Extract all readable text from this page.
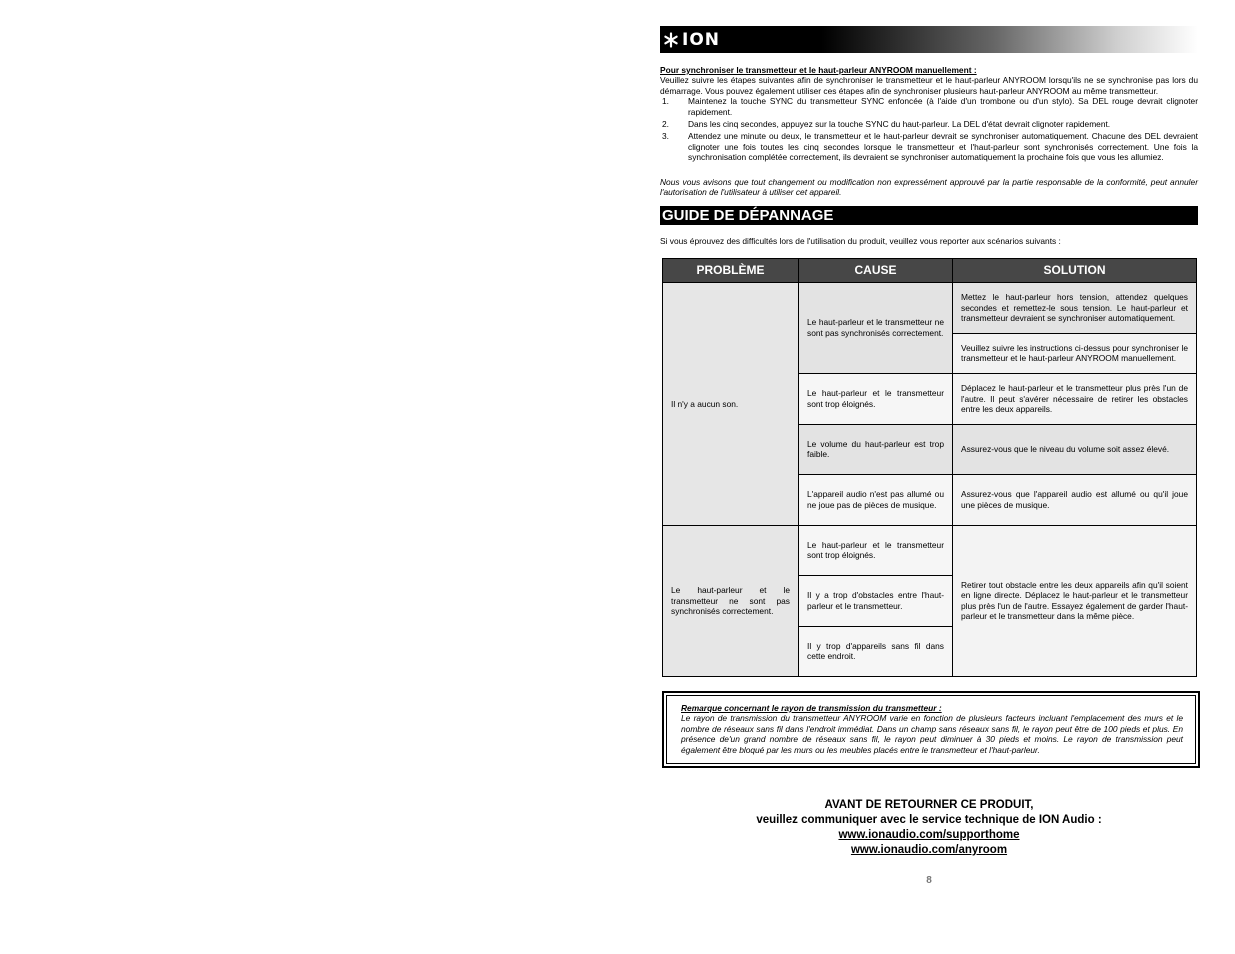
ION
Pour synchroniser le transmetteur et le haut-parleur ANYROOM manuellement :
Veuillez suivre les étapes suivantes afin de synchroniser le transmetteur et le haut-parleur ANYROOM lorsqu'ils ne se synchronise pas lors du démarrage. Vous pouvez également utiliser ces étapes afin de synchroniser plusieurs haut-parleur ANYROOM au même transmetteur.
1. Maintenez la touche SYNC du transmetteur SYNC enfoncée (à l'aide d'un trombone ou d'un stylo). Sa DEL rouge devrait clignoter rapidement.
2. Dans les cinq secondes, appuyez sur la touche SYNC du haut-parleur. La DEL d'état devrait clignoter rapidement.
3. Attendez une minute ou deux, le transmetteur et le haut-parleur devrait se synchroniser automatiquement. Chacune des DEL devraient clignoter une fois toutes les cinq secondes lorsque le transmetteur et l'haut-parleur sont synchronisés correctement. Une fois la synchronisation complétée correctement, ils devraient se synchroniser automatiquement la prochaine fois que vous les allumiez.
Nous vous avisons que tout changement ou modification non expressément approuvé par la partie responsable de la conformité, peut annuler l'autorisation de l'utilisateur à utiliser cet appareil.
GUIDE DE DÉPANNAGE
Si vous éprouvez des difficultés lors de l'utilisation du produit, veuillez vous reporter aux scénarios suivants :
PROBLÈME	CAUSE	SOLUTION
Il n'y a aucun son.	Le haut-parleur et le transmetteur ne sont pas synchronisés correctement.	Mettez le haut-parleur hors tension, attendez quelques secondes et remettez-le sous tension. Le haut-parleur et transmetteur devraient se synchroniser automatiquement.
		Veuillez suivre les instructions ci-dessus pour synchroniser le transmetteur et le haut-parleur ANYROOM manuellement.
	Le haut-parleur et le transmetteur sont trop éloignés.	Déplacez le haut-parleur et le transmetteur plus près l'un de l'autre. Il peut s'avérer nécessaire de retirer les obstacles entre les deux appareils.
	Le volume du haut-parleur est trop faible.	Assurez-vous que le niveau du volume soit assez élevé.
	L'appareil audio n'est pas allumé ou ne joue pas de pièces de musique.	Assurez-vous que l'appareil audio est allumé ou qu'il joue une pièces de musique.
Le haut-parleur et le transmetteur ne sont pas synchronisés correctement.	Le haut-parleur et le transmetteur sont trop éloignés.	Retirer tout obstacle entre les deux appareils afin qu'il soient en ligne directe. Déplacez le haut-parleur et le transmetteur plus près l'un de l'autre. Essayez également de garder l'haut-parleur et le transmetteur dans la même pièce.
	Il y a trop d'obstacles entre l'haut-parleur et le transmetteur.	
	Il y trop d'appareils sans fil dans cette endroit.	
Remarque concernant le rayon de transmission du transmetteur :
Le rayon de transmission du transmetteur ANYROOM varie en fonction de plusieurs facteurs incluant l'emplacement des murs et le nombre de réseaux sans fil dans l'endroit immédiat. Dans un champ sans réseaux sans fil, le rayon peut être de 100 pieds et plus. En présence de'un grand nombre de réseaux sans fil, le rayon peut diminuer à 30 pieds et moins. Le rayon de transmission peut également être bloqué par les murs ou les meubles placés entre le transmetteur et l'haut-parleur.
AVANT DE RETOURNER CE PRODUIT,
veuillez communiquer avec le service technique de ION Audio :
www.ionaudio.com/supporthome
www.ionaudio.com/anyroom
8
